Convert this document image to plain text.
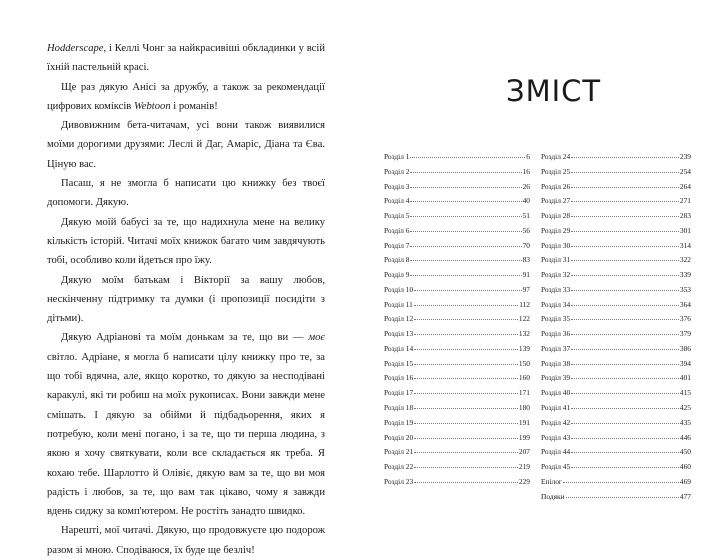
Hodderscape, і Келлі Чонг за найкрасивіші обкладинки у всій їхній пастельній красі.

Ще раз дякую Анісі за дружбу, а також за рекомендації цифрових коміксів Webtoon і романів!

Дивовижним бета-читачам, усі вони також виявилися моїми дорогими друзями: Леслі й Даг, Амаріс, Діана та Єва. Ціную вас.

Пасаш, я не змогла б написати цю книжку без твоєї допомоги. Дякую.

Дякую моїй бабусі за те, що надихнула мене на велику кількість історій. Читачі моїх книжок багато чим завдячують тобі, особливо коли йдеться про їжу.

Дякую моїм батькам і Вікторії за вашу любов, нескінченну підтримку та думки (і пропозиції посидіти з дітьми).

Дякую Адріанові та моїм донькам за те, що ви — моє світло. Адріане, я могла б написати цілу книжку про те, за що тобі вдячна, але, якщо коротко, то дякую за несподівані каракулі, які ти робиш на моїх рукописах. Вони завжди мене смішать. І дякую за обійми й підбадьорення, яких я потребую, коли мені погано, і за те, що ти перша людина, з якою я хочу святкувати, коли все складається як треба. Я кохаю тебе. Шарлотто й Олівіє, дякую вам за те, що ви моя радість і любов, за те, що вам так цікаво, чому я завжди вдень сиджу за комп'ютером. Не ростіть занадто швидко.

Нарешті, мої читачі. Дякую, що продовжуєте цю подорож разом зі мною. Сподіваюся, їх буде ще безліч!

ЗМІСТ
Розділ 1	6
Розділ 2	16
Розділ 3	26
Розділ 4	40
Розділ 5	51
Розділ 6	56
Розділ 7	70
Розділ 8	83
Розділ 9	91
Розділ 10	97
Розділ 11	112
Розділ 12	122
Розділ 13	132
Розділ 14	139
Розділ 15	150
Розділ 16	160
Розділ 17	171
Розділ 18	180
Розділ 19	191
Розділ 20	199
Розділ 21	207
Розділ 22	219
Розділ 23	229
Розділ 24	239
Розділ 25	254
Розділ 26	264
Розділ 27	271
Розділ 28	283
Розділ 29	301
Розділ 30	314
Розділ 31	322
Розділ 32	339
Розділ 33	353
Розділ 34	364
Розділ 35	376
Розділ 36	379
Розділ 37	386
Розділ 38	394
Розділ 39	401
Розділ 40	415
Розділ 41	425
Розділ 42	435
Розділ 43	446
Розділ 44	450
Розділ 45	460
Епілог	469
Подяки	477
